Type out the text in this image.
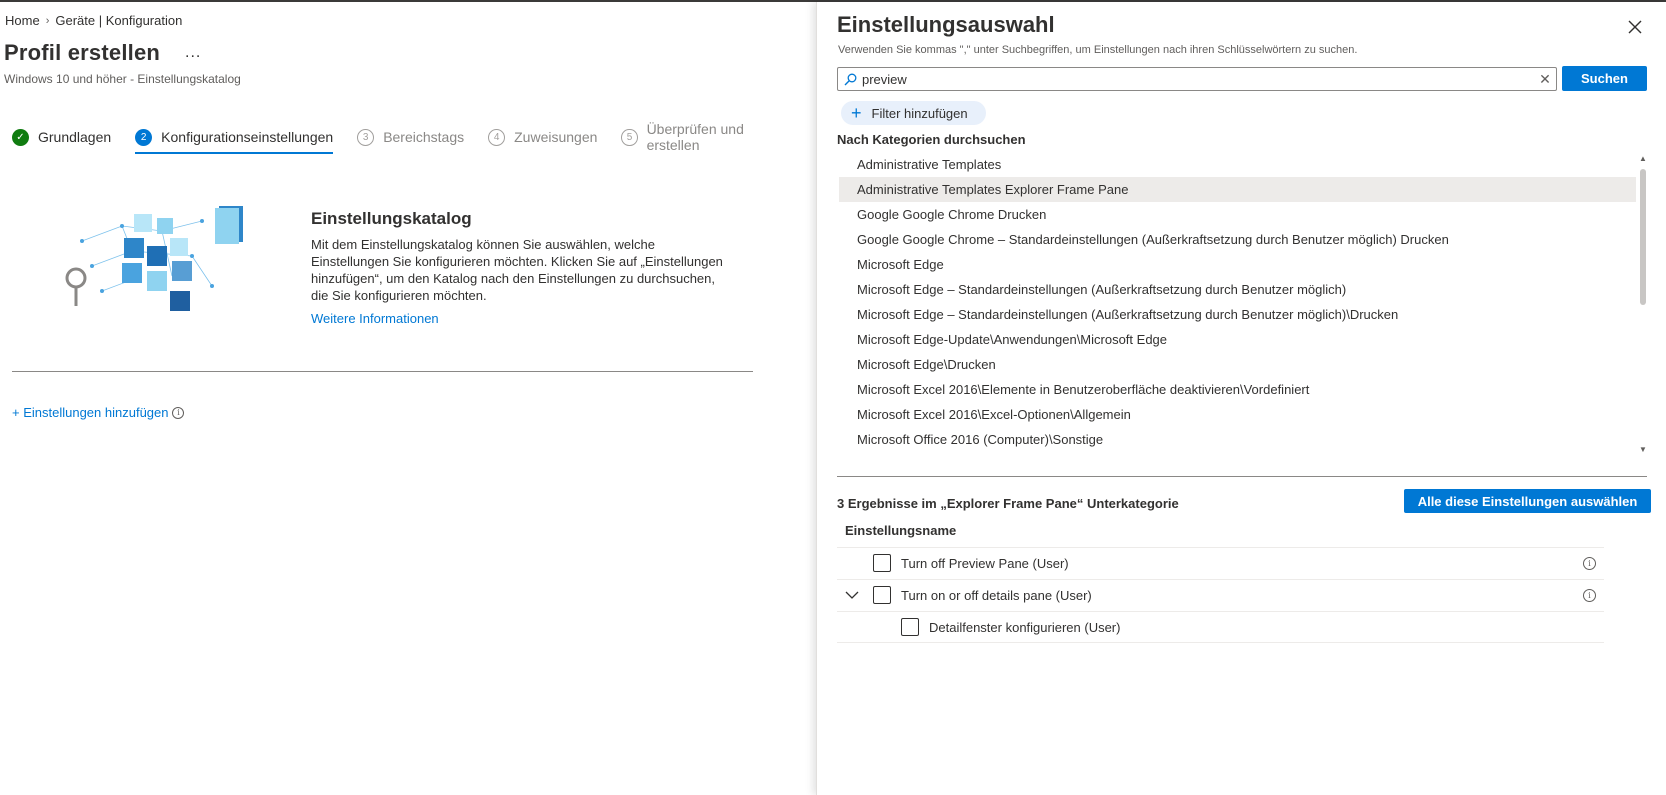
Home › Geräte | Konfiguration
Profil erstellen ...
Windows 10 und höher - Einstellungskatalog
✓ Grundlagen	2	Konfigurationseinstellungen	3	Bereichstags	4	Zuweisungen	5	Überprüfen und erstellen
Einstellungskatalog
Mit dem Einstellungskatalog können Sie auswählen, welche Einstellungen Sie konfigurieren möchten. Klicken Sie auf „Einstellungen hinzufügen“, um den Katalog nach den Einstellungen zu durchsuchen, die Sie konfigurieren möchten.
Weitere Informationen
+ Einstellungen hinzufügen	i
Einstellungsauswahl
Verwenden Sie kommas "," unter Suchbegriffen, um Einstellungen nach ihren Schlüsselwörtern zu suchen.
preview
✕	Suchen
+ Filter hinzufügen
Nach Kategorien durchsuchen
Administrative Templates
Administrative Templates Explorer Frame Pane
Google Google Chrome Drucken
Google Google Chrome – Standardeinstellungen (Außerkraftsetzung durch Benutzer möglich) Drucken
Microsoft Edge
Microsoft Edge – Standardeinstellungen (Außerkraftsetzung durch Benutzer möglich)
Microsoft Edge – Standardeinstellungen (Außerkraftsetzung durch Benutzer möglich)\Drucken
Microsoft Edge-Update\Anwendungen\Microsoft Edge
Microsoft Edge\Drucken
Microsoft Excel 2016\Elemente in Benutzeroberfläche deaktivieren\Vordefiniert
Microsoft Excel 2016\Excel-Optionen\Allgemein
Microsoft Office 2016 (Computer)\Sonstige
▲
▼
3 Ergebnisse im „Explorer Frame Pane“ Unterkategorie	Alle diese Einstellungen auswählen
Einstellungsname
Turn off Preview Pane (User)	i
Turn on or off details pane (User)	i
Detailfenster konfigurieren (User)
